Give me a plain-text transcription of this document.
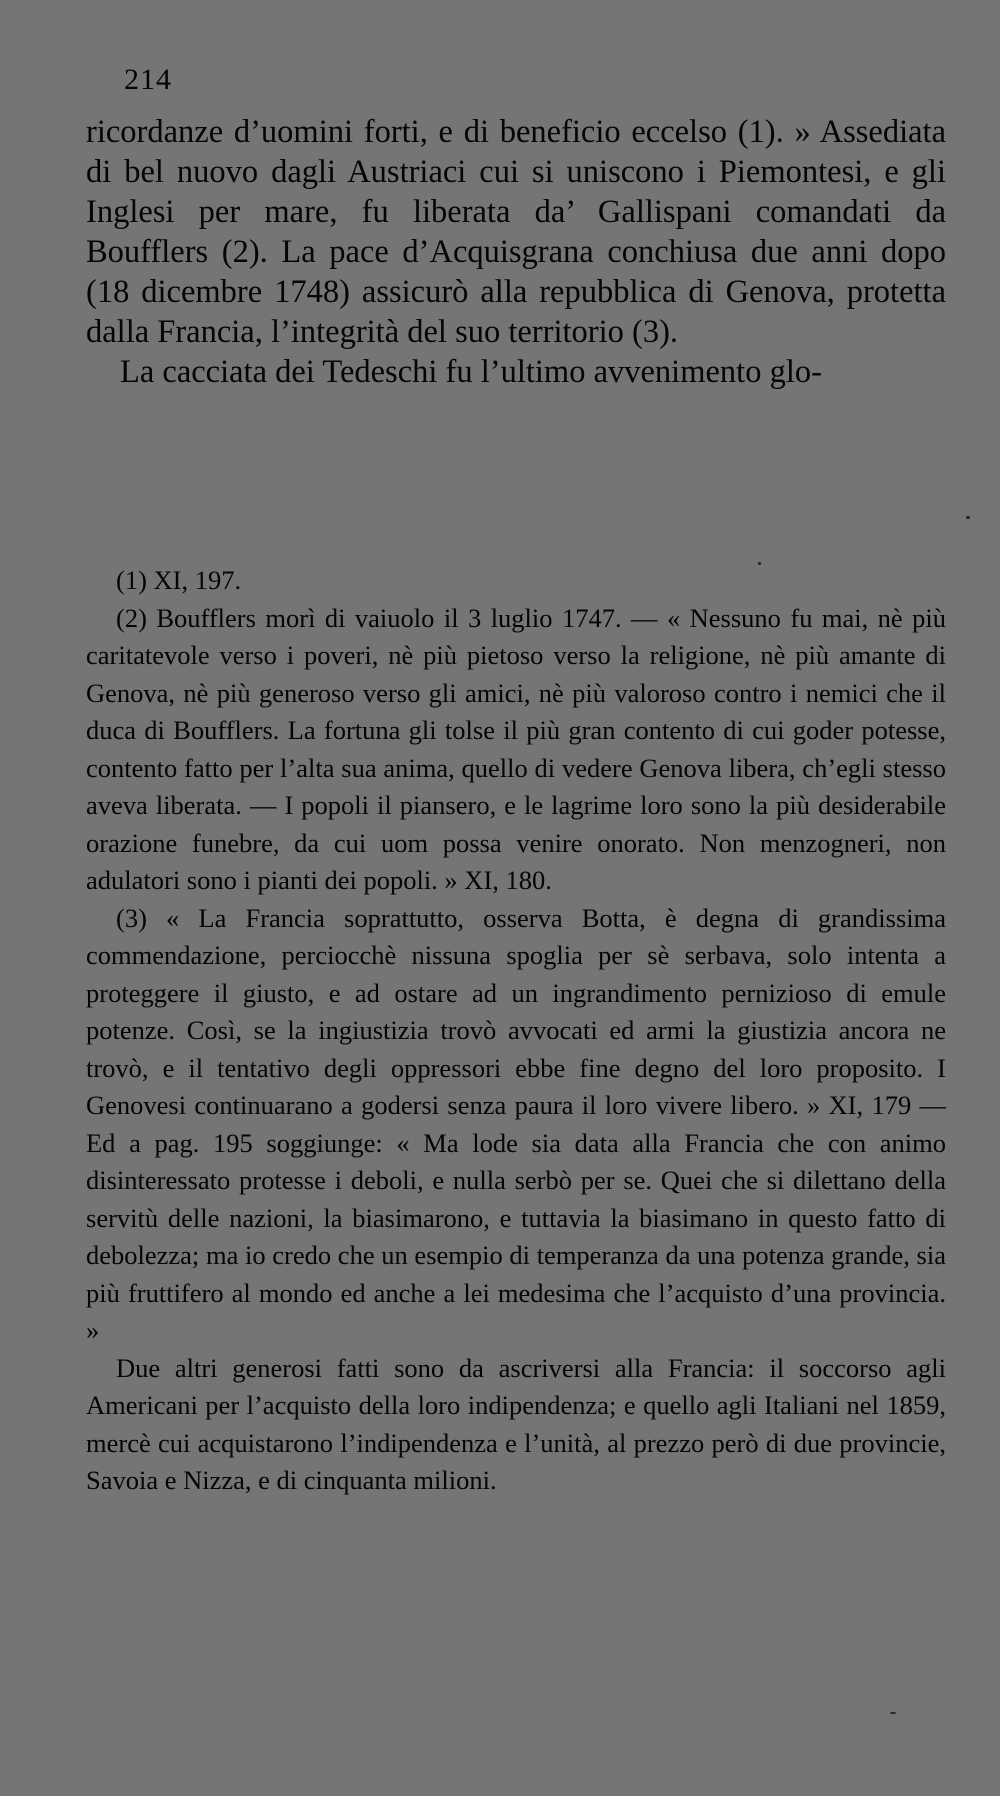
214

ricordanze d’uomini forti, e di beneficio eccelso (1). » Assediata di bel nuovo dagli Austriaci cui si uniscono i Piemontesi, e gli Inglesi per mare, fu liberata da’ Gallispani comandati da Boufflers (2). La pace d’Acquisgrana conchiusa due anni dopo (18 dicembre 1748) assicurò alla repubblica di Genova, protetta dalla Francia, l’integrità del suo territorio (3).

La cacciata dei Tedeschi fu l’ultimo avvenimento glo-

(1) XI, 197.

(2) Boufflers morì di vaiuolo il 3 luglio 1747. — « Nessuno fu mai, nè più caritatevole verso i poveri, nè più pietoso verso la religione, nè più amante di Genova, nè più generoso verso gli amici, nè più valoroso contro i nemici che il duca di Boufflers. La fortuna gli tolse il più gran contento di cui goder potesse, contento fatto per l’alta sua anima, quello di vedere Genova libera, ch’egli stesso aveva liberata. — I popoli il piansero, e le lagrime loro sono la più desiderabile orazione funebre, da cui uom possa venire onorato. Non menzogneri, non adulatori sono i pianti dei popoli. » XI, 180.

(3) « La Francia soprattutto, osserva Botta, è degna di grandissima commendazione, perciocchè nissuna spoglia per sè serbava, solo intenta a proteggere il giusto, e ad ostare ad un ingrandimento pernizioso di emule potenze. Così, se la ingiustizia trovò avvocati ed armi la giustizia ancora ne trovò, e il tentativo degli oppressori ebbe fine degno del loro proposito. I Genovesi continuarano a godersi senza paura il loro vivere libero. » XI, 179 — Ed a pag. 195 soggiunge: « Ma lode sia data alla Francia che con animo disinteressato protesse i deboli, e nulla serbò per se. Quei che si dilettano della servitù delle nazioni, la biasimarono, e tuttavia la biasimano in questo fatto di debolezza; ma io credo che un esempio di temperanza da una potenza grande, sia più fruttifero al mondo ed anche a lei medesima che l’acquisto d’una provincia. »

Due altri generosi fatti sono da ascriversi alla Francia: il soccorso agli Americani per l’acquisto della loro indipendenza; e quello agli Italiani nel 1859, mercè cui acquistarono l’indipendenza e l’unità, al prezzo però di due provincie, Savoia e Nizza, e di cinquanta milioni.
